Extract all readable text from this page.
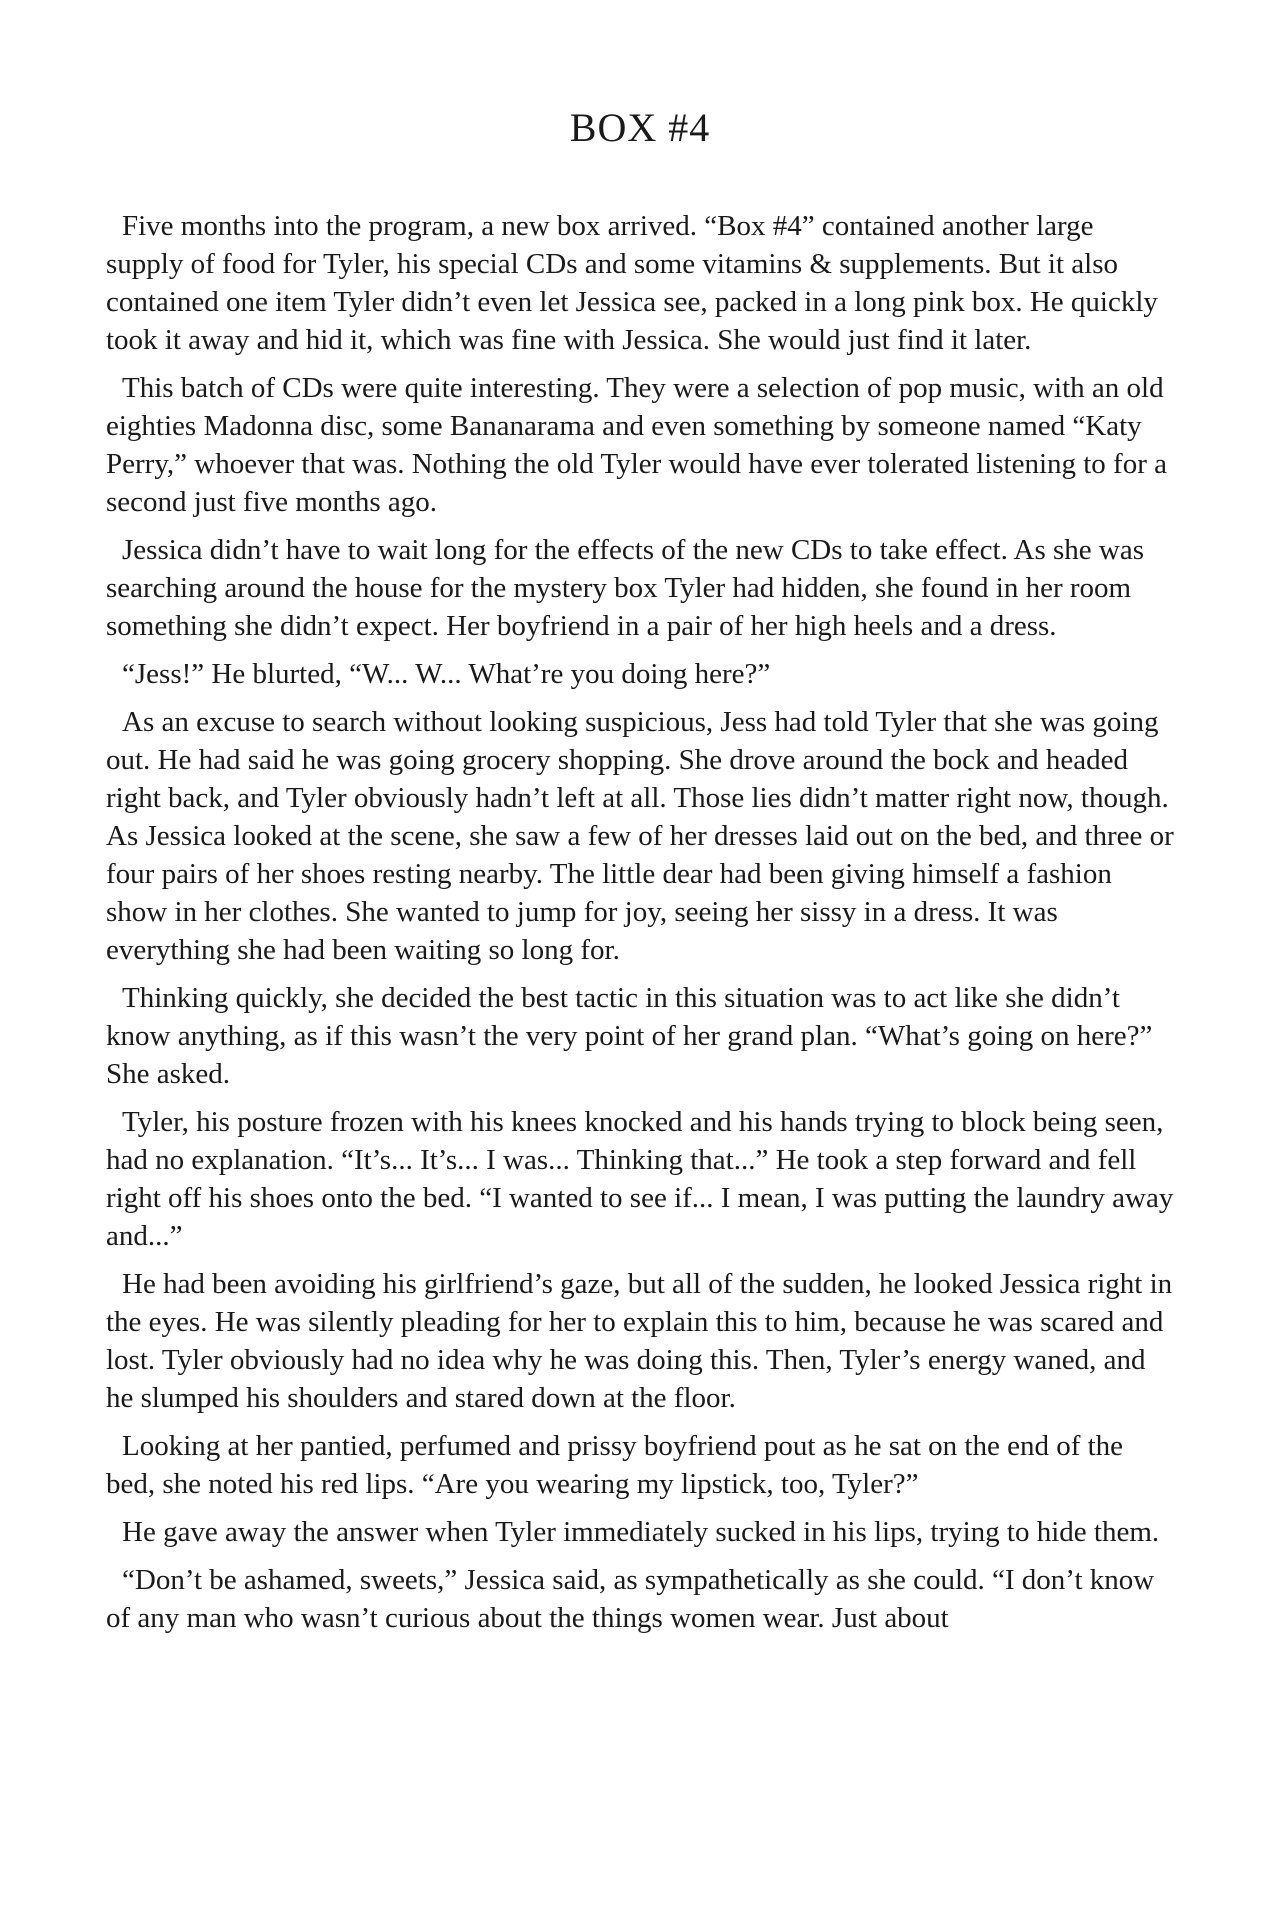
BOX #4

Five months into the program, a new box arrived. “Box #4” contained another large supply of food for Tyler, his special CDs and some vitamins & supplements. But it also contained one item Tyler didn’t even let Jessica see, packed in a long pink box. He quickly took it away and hid it, which was fine with Jessica. She would just find it later.

This batch of CDs were quite interesting. They were a selection of pop music, with an old eighties Madonna disc, some Bananarama and even something by someone named “Katy Perry,” whoever that was. Nothing the old Tyler would have ever tolerated listening to for a second just five months ago.

Jessica didn’t have to wait long for the effects of the new CDs to take effect. As she was searching around the house for the mystery box Tyler had hidden, she found in her room something she didn’t expect. Her boyfriend in a pair of her high heels and a dress.

“Jess!” He blurted, “W... W... What’re you doing here?”

As an excuse to search without looking suspicious, Jess had told Tyler that she was going out. He had said he was going grocery shopping. She drove around the bock and headed right back, and Tyler obviously hadn’t left at all. Those lies didn’t matter right now, though. As Jessica looked at the scene, she saw a few of her dresses laid out on the bed, and three or four pairs of her shoes resting nearby. The little dear had been giving himself a fashion show in her clothes. She wanted to jump for joy, seeing her sissy in a dress. It was everything she had been waiting so long for.

Thinking quickly, she decided the best tactic in this situation was to act like she didn’t know anything, as if this wasn’t the very point of her grand plan. “What’s going on here?” She asked.

Tyler, his posture frozen with his knees knocked and his hands trying to block being seen, had no explanation. “It’s... It’s... I was... Thinking that...” He took a step forward and fell right off his shoes onto the bed. “I wanted to see if... I mean, I was putting the laundry away and...”

He had been avoiding his girlfriend’s gaze, but all of the sudden, he looked Jessica right in the eyes. He was silently pleading for her to explain this to him, because he was scared and lost. Tyler obviously had no idea why he was doing this. Then, Tyler’s energy waned, and he slumped his shoulders and stared down at the floor.

Looking at her pantied, perfumed and prissy boyfriend pout as he sat on the end of the bed, she noted his red lips. “Are you wearing my lipstick, too, Tyler?”

He gave away the answer when Tyler immediately sucked in his lips, trying to hide them.

“Don’t be ashamed, sweets,” Jessica said, as sympathetically as she could. “I don’t know of any man who wasn’t curious about the things women wear. Just about
